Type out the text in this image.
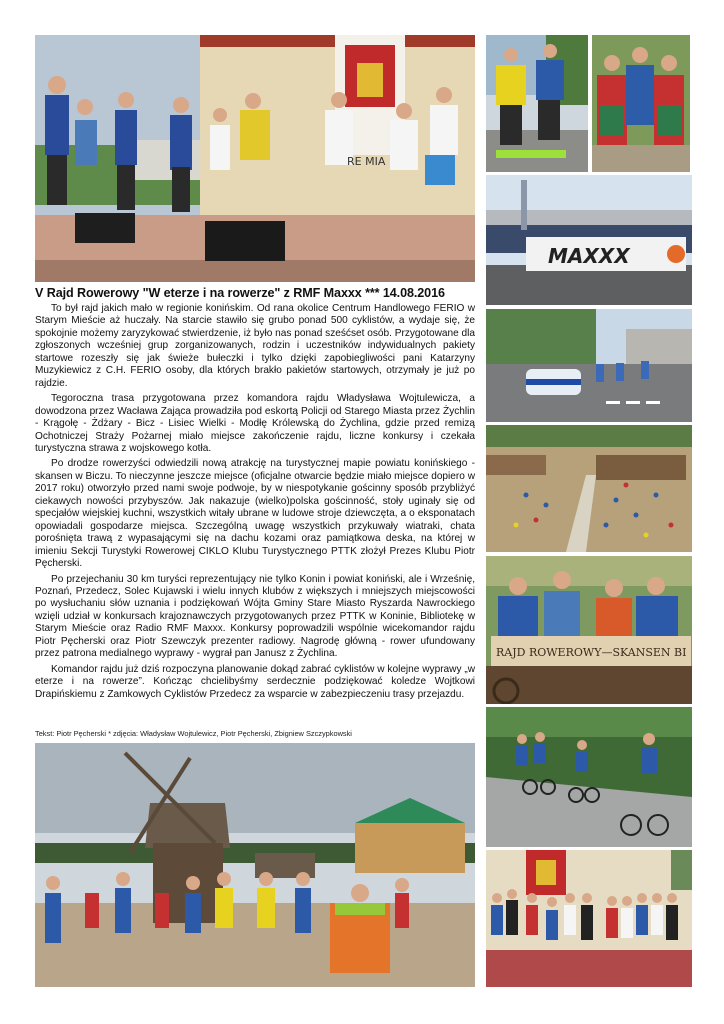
RE MIA
MAXXX
RAJD ROWEROWY—SKANSEN BI
V Rajd Rowerowy "W eterze i na rowerze" z RMF Maxxx *** 14.08.2016

To był rajd jakich mało w regionie konińskim. Od rana okolice Centrum Handlowego FERIO w Starym Mieście aż huczały. Na starcie stawiło się grubo ponad 500 cyklistów, a wydaje się, że spokojnie możemy zaryzykować stwierdzenie, iż było nas ponad sześćset osób. Przygotowane dla zgłoszonych wcześniej grup zorganizowanych, rodzin i uczestników indywidualnych pakiety startowe rozeszły się jak świeże bułeczki i tylko dzięki zapobiegliwości pani Katarzyny Muzykiewicz z C.H. FERIO osoby, dla których brakło pakietów startowych, otrzymały je już po rajdzie.

Tegoroczna trasa przygotowana przez komandora rajdu Władysława Wojtulewicza, a dowodzona przez Wacława Zająca prowadziła pod eskortą Policji od Starego Miasta przez Żychlin - Krągołę - Żdżary - Bicz - Lisiec Wielki - Modłę Królewską do Żychlina, gdzie przed remizą Ochotniczej Straży Pożarnej miało miejsce zakończenie rajdu, liczne konkursy i czekała turystyczna strawa z wojskowego kotła.

Po drodze rowerzyści odwiedzili nową atrakcję na turystycznej mapie powiatu konińskiego - skansen w Biczu. To nieczynne jeszcze miejsce (oficjalne otwarcie będzie miało miejsce dopiero w 2017 roku) otworzyło przed nami swoje podwoje, by w niespotykanie gościnny sposób przybliżyć ciekawych nowości przybyszów. Jak nakazuje (wielko)polska gościnność, stoły uginały się od specjałów wiejskiej kuchni, wszystkich witały ubrane w ludowe stroje dziewczęta, a o eksponatach opowiadali gospodarze miejsca. Szczególną uwagę wszystkich przykuwały wiatraki, chata porośnięta trawą z wypasającymi się na dachu kozami oraz pamiątkowa deska, na której w imieniu Sekcji Turystyki Rowerowej CIKLO Klubu Turystycznego PTTK złożył Prezes Klubu Piotr Pęcherski.

Po przejechaniu 30 km turyści reprezentujący nie tylko Konin i powiat koniński, ale i Wrześnię, Poznań, Przedecz, Solec Kujawski i wielu innych klubów z większych i mniejszych miejscowości po wysłuchaniu słów uznania i podziękowań Wójta Gminy Stare Miasto Ryszarda Nawrockiego wzięli udział w konkursach krajoznawczych przygotowanych przez PTTK w Koninie, Bibliotekę w Starym Mieście oraz Radio RMF Maxxx. Konkursy poprowadzili wspólnie wicekomandor rajdu Piotr Pęcherski oraz Piotr Szewczyk prezenter radiowy. Nagrodę główną - rower ufundowany przez patrona medialnego wyprawy - wygrał pan Janusz z Żychlina.

Komandor rajdu już dziś rozpoczyna planowanie dokąd zabrać cyklistów w kolejne wyprawy „w eterze i na rowerze”. Kończąc chcielibyśmy serdecznie podziękować koledze Wojtkowi Drapińskiemu z Zamkowych Cyklistów Przedecz za wsparcie w zabezpieczeniu trasy przejazdu.

Tekst: Piotr Pęcherski * zdjęcia: Władysław Wojtulewicz, Piotr Pęcherski, Zbigniew Szczypkowski
